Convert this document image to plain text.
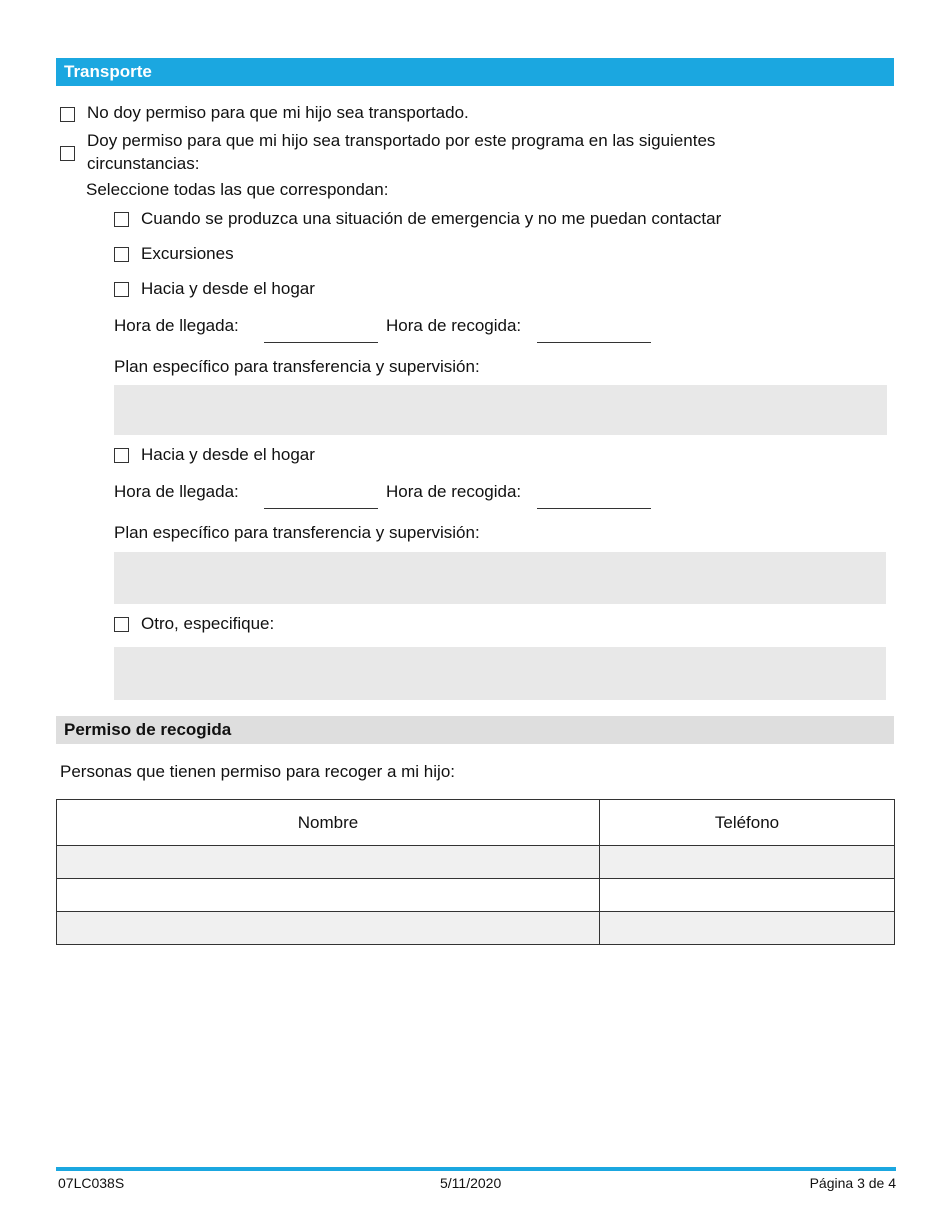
Transporte
No doy permiso para que mi hijo sea transportado.
Doy permiso para que mi hijo sea transportado por este programa en las siguientes
circunstancias:
Seleccione todas las que correspondan:
Cuando se produzca una situación de emergencia y no me puedan contactar
Excursiones
Hacia y desde el hogar
Hora de llegada:	Hora de recogida:
Plan específico para transferencia y supervisión:
Hacia y desde el hogar
Hora de llegada:	Hora de recogida:
Plan específico para transferencia y supervisión:
Otro, especifique:
Permiso de recogida
Personas que tienen permiso para recoger a mi hijo:
Nombre	Teléfono

07LC038S	5/11/2020	Página 3 de 4
